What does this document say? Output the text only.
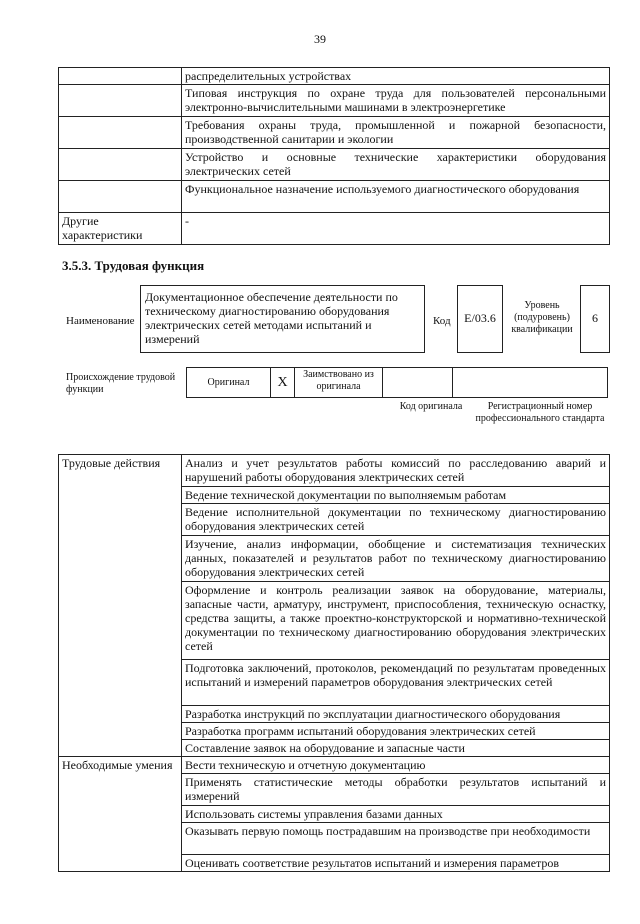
39
	распределительных устройствах
	Типовая инструкция по охране труда для пользователей персональными электронно-вычислительными машинами в электроэнергетике
	Требования охраны труда, промышленной и пожарной безопасности, производственной санитарии и экологии
	Устройство и основные технические характеристики оборудования электрических сетей
	Функциональное назначение используемого диагностического оборудования
Другие характеристики	-
3.5.3. Трудовая функция
Наименование
Документационное обеспечение деятельности по техническому диагностированию оборудования электрических сетей методами испытаний и измерений
Код	E/03.6
Уровень (подуровень) квалификации
6
Происхождение трудовой функции
Оригинал	X	Заимствовано из оригинала		
Код оригинала	Регистрационный номер профессионального стандарта
Трудовые действия	Анализ и учет результатов работы комиссий по расследованию аварий и нарушений работы оборудования электрических сетей
	Ведение технической документации по выполняемым работам
	Ведение исполнительной документации по техническому диагностированию оборудования электрических сетей
	Изучение, анализ информации, обобщение и систематизация технических данных, показателей и результатов работ по техническому диагностированию оборудования электрических сетей
	Оформление и контроль реализации заявок на оборудование, материалы, запасные части, арматуру, инструмент, приспособления, техническую оснастку, средства защиты, а также проектно-конструкторской и нормативно-технической документации по техническому диагностированию оборудования электрических сетей
	Подготовка заключений, протоколов, рекомендаций по результатам проведенных испытаний и измерений параметров оборудования электрических сетей
	Разработка инструкций по эксплуатации диагностического оборудования
	Разработка программ испытаний оборудования электрических сетей
	Составление заявок на оборудование и запасные части
Необходимые умения	Вести техническую и отчетную документацию
	Применять статистические методы обработки результатов испытаний и измерений
	Использовать системы управления базами данных
	Оказывать первую помощь пострадавшим на производстве при необходимости
	Оценивать соответствие результатов испытаний и измерения параметров
